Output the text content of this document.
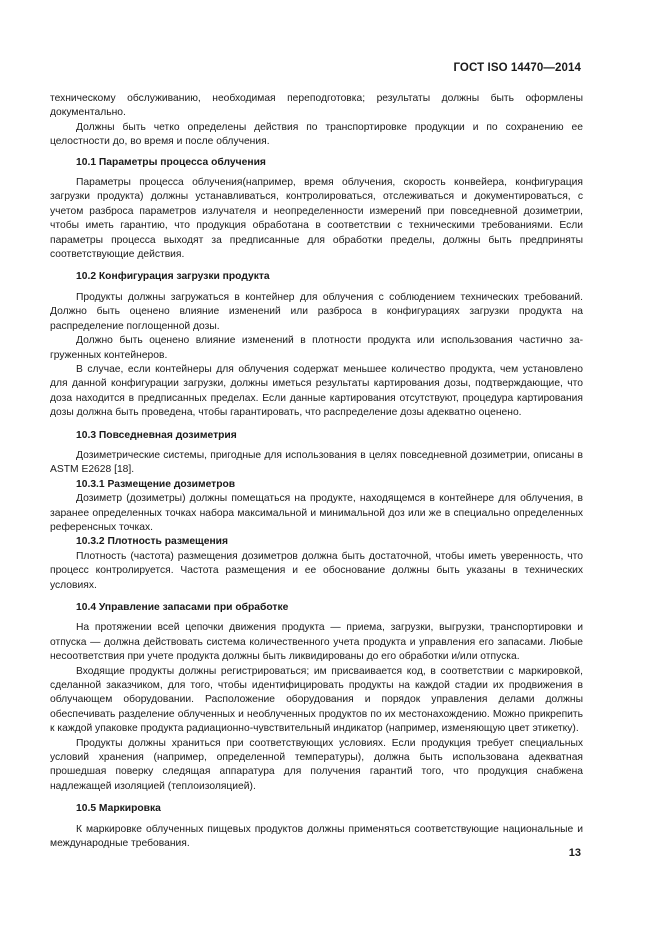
ГОСТ ISO 14470—2014

техническому обслуживанию, необходимая переподготовка; результаты должны быть оформлены документально.

Должны быть четко определены действия по транспортировке продукции и по сохранению ее целостности до, во время и после облучения.

10.1 Параметры процесса облучения

Параметры процесса облучения(например, время облучения, скорость конвейера, конфигурация загрузки продукта) должны устанавливаться, контролироваться, отслеживаться и документироваться, с учетом разброса параметров излучателя и неопределенности измерений при повседневной дозиметрии, чтобы иметь гарантию, что продукция обработана в соответствии с техническими требованиями. Если параметры процесса выходят за предписанные для обработки пределы, должны быть предприняты соответствующие действия.

10.2 Конфигурация загрузки продукта

Продукты должны загружаться в контейнер для облучения с соблюдением технических требований. Должно быть оценено влияние изменений или разброса в конфигурациях загрузки продукта на распределение поглощенной дозы.

Должно быть оценено влияние изменений в плотности продукта или использования частично загруженных контейнеров.

В случае, если контейнеры для облучения содержат меньшее количество продукта, чем установлено для данной конфигурации загрузки, должны иметься результаты картирования дозы, подтверждающие, что доза находится в предписанных пределах. Если данные картирования отсутствуют, процедура картирования дозы должна быть проведена, чтобы гарантировать, что распределение дозы адекватно оценено.

10.3 Повседневная дозиметрия

Дозиметрические системы, пригодные для использования в целях повседневной дозиметрии, описаны в ASTM E2628 [18].

10.3.1 Размещение дозиметров

Дозиметр (дозиметры) должны помещаться на продукте, находящемся в контейнере для облучения, в заранее определенных точках набора максимальной и минимальной доз или же в специально определенных референсных точках.

10.3.2 Плотность размещения

Плотность (частота) размещения дозиметров должна быть достаточной, чтобы иметь уверенность, что процесс контролируется. Частота размещения и ее обоснование должны быть указаны в технических условиях.

10.4 Управление запасами при обработке

На протяжении всей цепочки движения продукта — приема, загрузки, выгрузки, транспортировки и отпуска — должна действовать система количественного учета продукта и управления его запасами. Любые несоответствия при учете продукта должны быть ликвидированы до его обработки и/или отпуска.

Входящие продукты должны регистрироваться; им присваивается код, в соответствии с маркировкой, сделанной заказчиком, для того, чтобы идентифицировать продукты на каждой стадии их продвижения в облучающем оборудовании. Расположение оборудования и порядок управления делами должны обеспечивать разделение облученных и необлученных продуктов по их местонахождению. Можно прикрепить к каждой упаковке продукта радиационно-чувствительный индикатор (например, изменяющую цвет этикетку).

Продукты должны храниться при соответствующих условиях. Если продукция требует специальных условий хранения (например, определенной температуры), должна быть использована адекватная прошедшая поверку следящая аппаратура для получения гарантий того, что продукция снабжена надлежащей изоляцией (теплоизоляцией).

10.5 Маркировка

К маркировке облученных пищевых продуктов должны применяться соответствующие национальные и международные требования.

13
